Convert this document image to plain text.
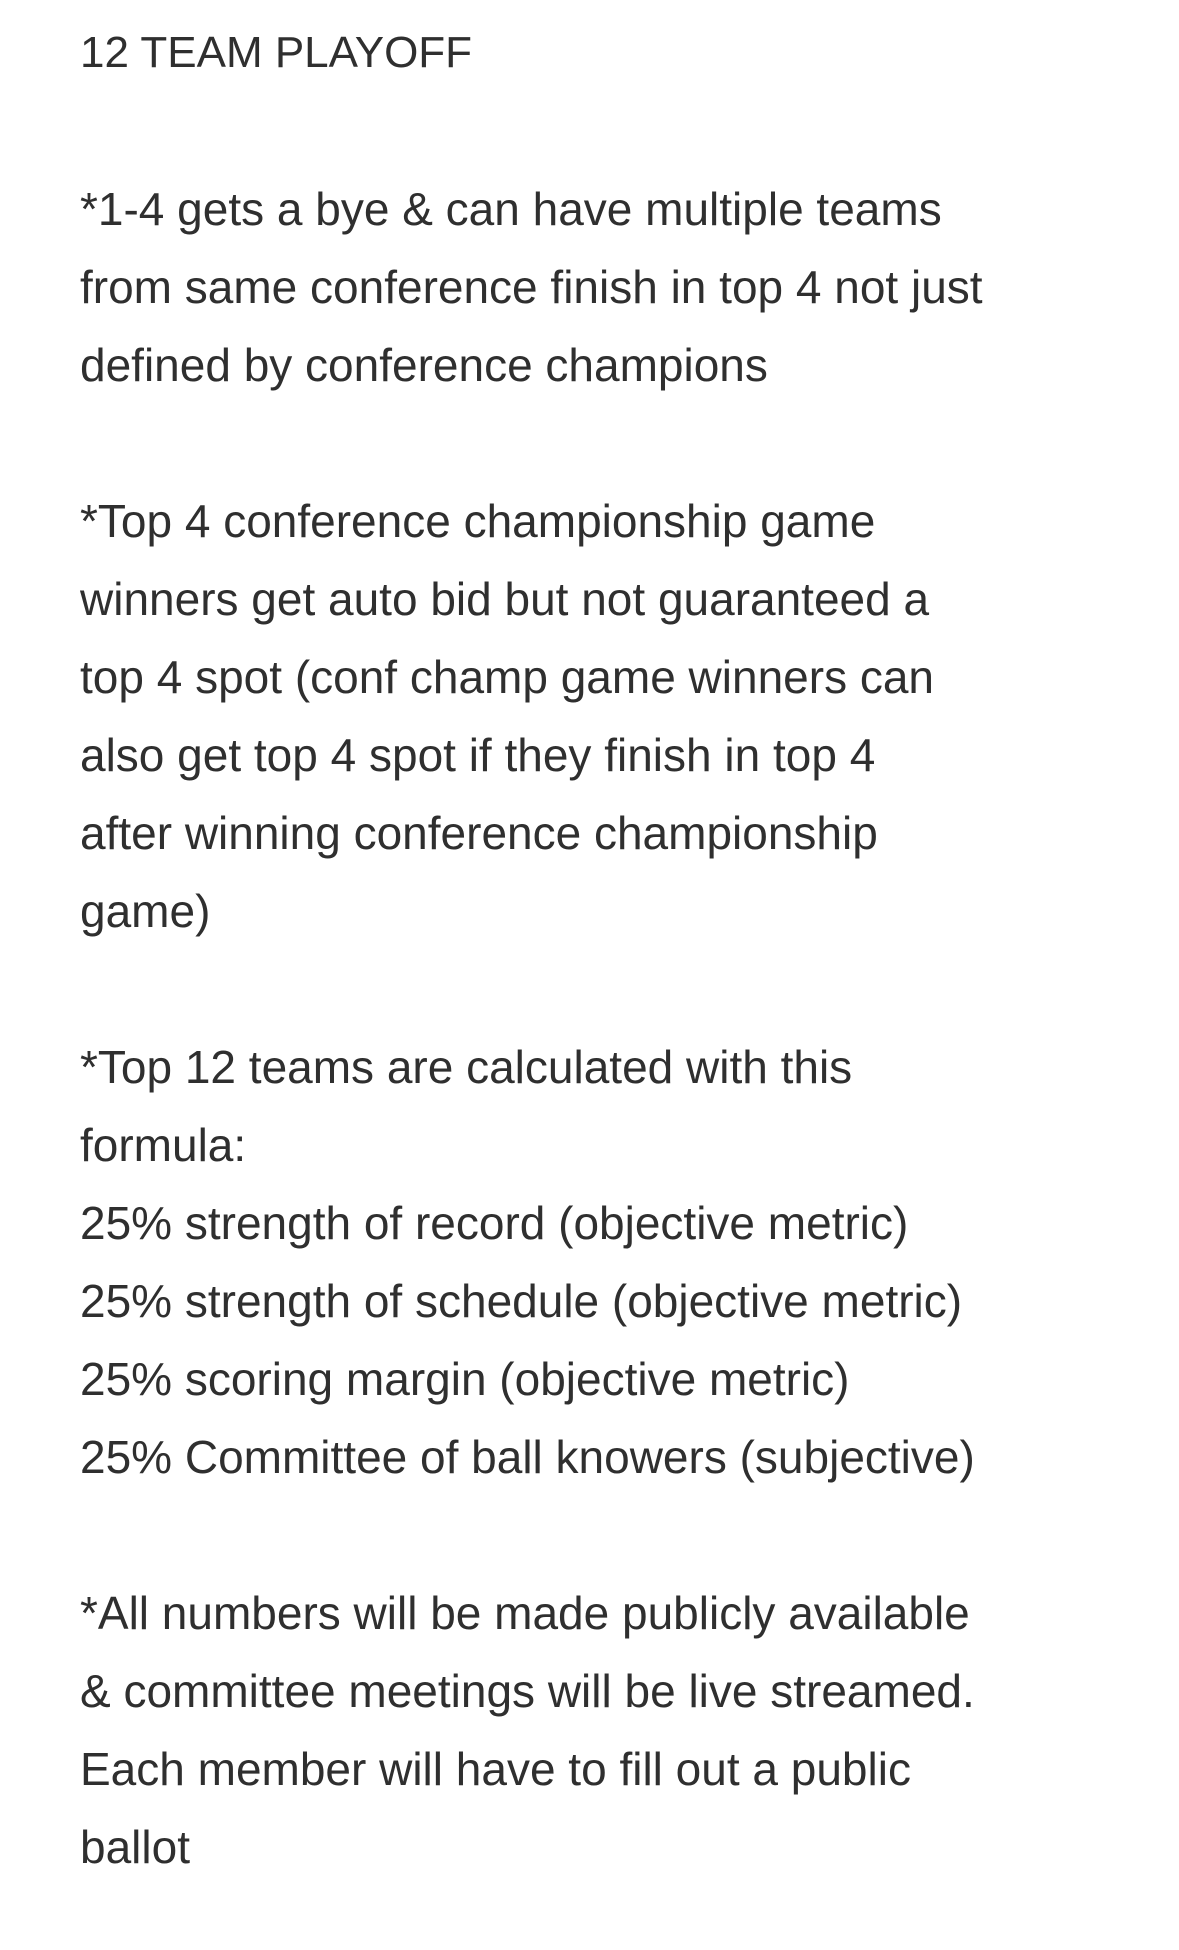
12 TEAM PLAYOFF
*1-4 gets a bye & can have multiple teams
from same conference finish in top 4 not just
defined by conference champions
*Top 4 conference championship game
winners get auto bid but not guaranteed a
top 4 spot (conf champ game winners can
also get top 4 spot if they finish in top 4
after winning conference championship
game)
*Top 12 teams are calculated with this
formula:
25% strength of record (objective metric)
25% strength of schedule (objective metric)
25% scoring margin (objective metric)
25% Committee of ball knowers (subjective)
*All numbers will be made publicly available
& committee meetings will be live streamed.
Each member will have to fill out a public
ballot
